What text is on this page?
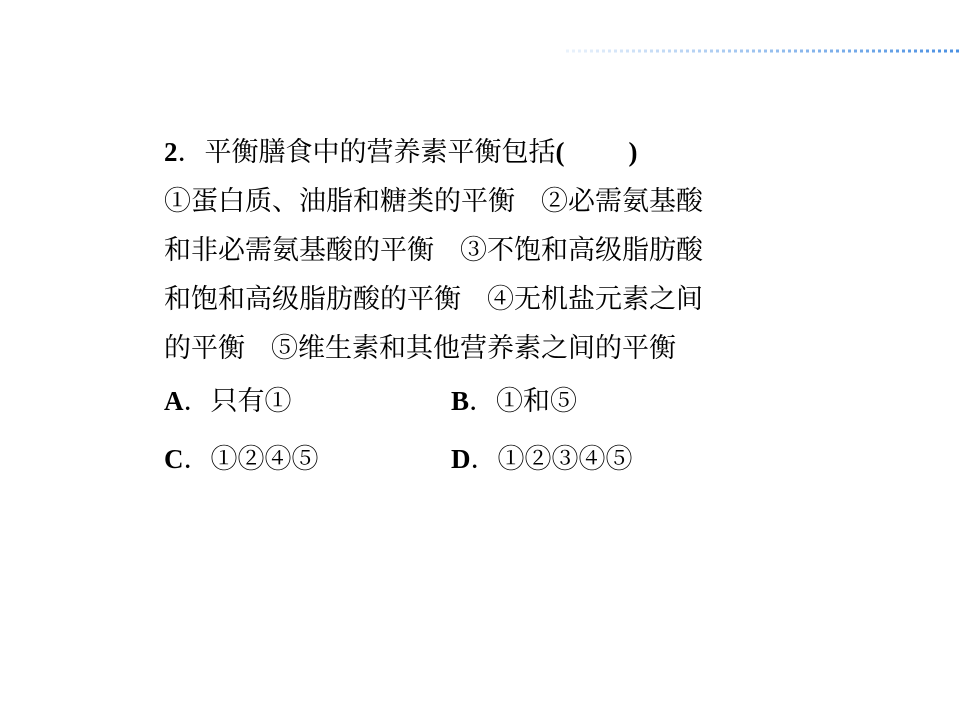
2．平衡膳食中的营养素平衡包括( )
①蛋白质、油脂和糖类的平衡 ②必需氨基酸
和非必需氨基酸的平衡 ③不饱和高级脂肪酸
和饱和高级脂肪酸的平衡 ④无机盐元素之间
的平衡 ⑤维生素和其他营养素之间的平衡
A．只有①	B．①和⑤
C．①②④⑤	D．①②③④⑤
